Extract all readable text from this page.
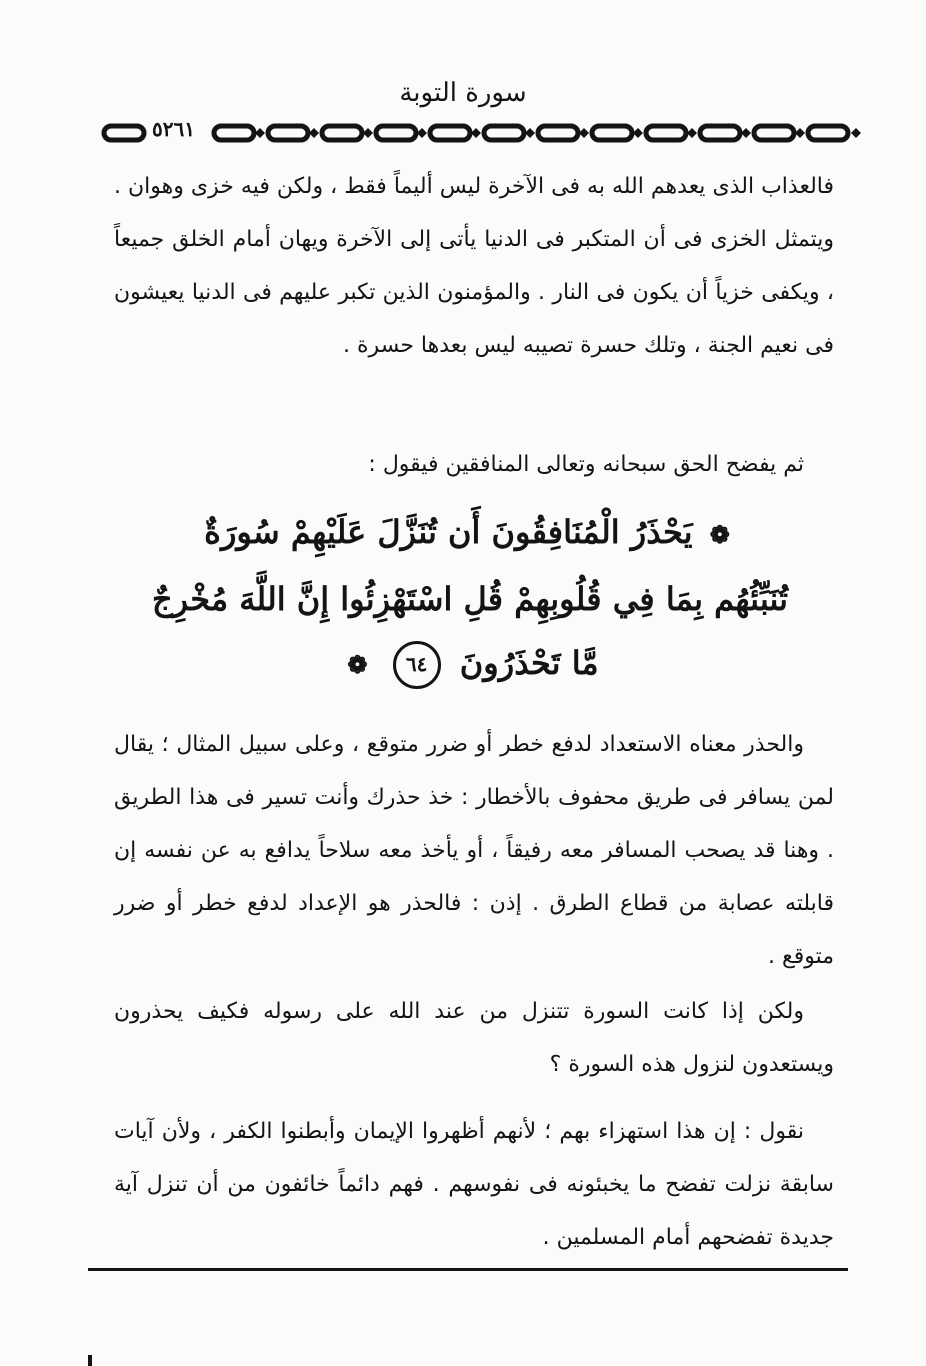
سورة التوبة
٥٢٦١
فالعذاب الذى يعدهم الله به فى الآخرة ليس أليماً فقط ، ولكن فيه خزى وهوان . ويتمثل الخزى فى أن المتكبر فى الدنيا يأتى إلى الآخرة ويهان أمام الخلق جميعاً ، ويكفى خزياً أن يكون فى النار . والمؤمنون الذين تكبر عليهم فى الدنيا يعيشون فى نعيم الجنة ، وتلك حسرة تصيبه ليس بعدها حسرة .
ثم يفضح الحق سبحانه وتعالى المنافقين فيقول :
❁ يَحْذَرُ الْمُنَافِقُونَ أَن تُنَزَّلَ عَلَيْهِمْ سُورَةٌ
تُنَبِّئُهُم بِمَا فِي قُلُوبِهِمْ قُلِ اسْتَهْزِئُوا إِنَّ اللَّهَ مُخْرِجٌ
مَّا تَحْذَرُونَ ٦٤ ❁
والحذر معناه الاستعداد لدفع خطر أو ضرر متوقع ، وعلى سبيل المثال ؛ يقال لمن يسافر فى طريق محفوف بالأخطار : خذ حذرك وأنت تسير فى هذا الطريق . وهنا قد يصحب المسافر معه رفيقاً ، أو يأخذ معه سلاحاً يدافع به عن نفسه إن قابلته عصابة من قطاع الطرق . إذن : فالحذر هو الإعداد لدفع خطر أو ضرر متوقع .
ولكن إذا كانت السورة تتنزل من عند الله على رسوله فكيف يحذرون ويستعدون لنزول هذه السورة ؟
نقول : إن هذا استهزاء بهم ؛ لأنهم أظهروا الإيمان وأبطنوا الكفر ، ولأن آيات سابقة نزلت تفضح ما يخبئونه فى نفوسهم . فهم دائماً خائفون من أن تنزل آية جديدة تفضحهم أمام المسلمين .
